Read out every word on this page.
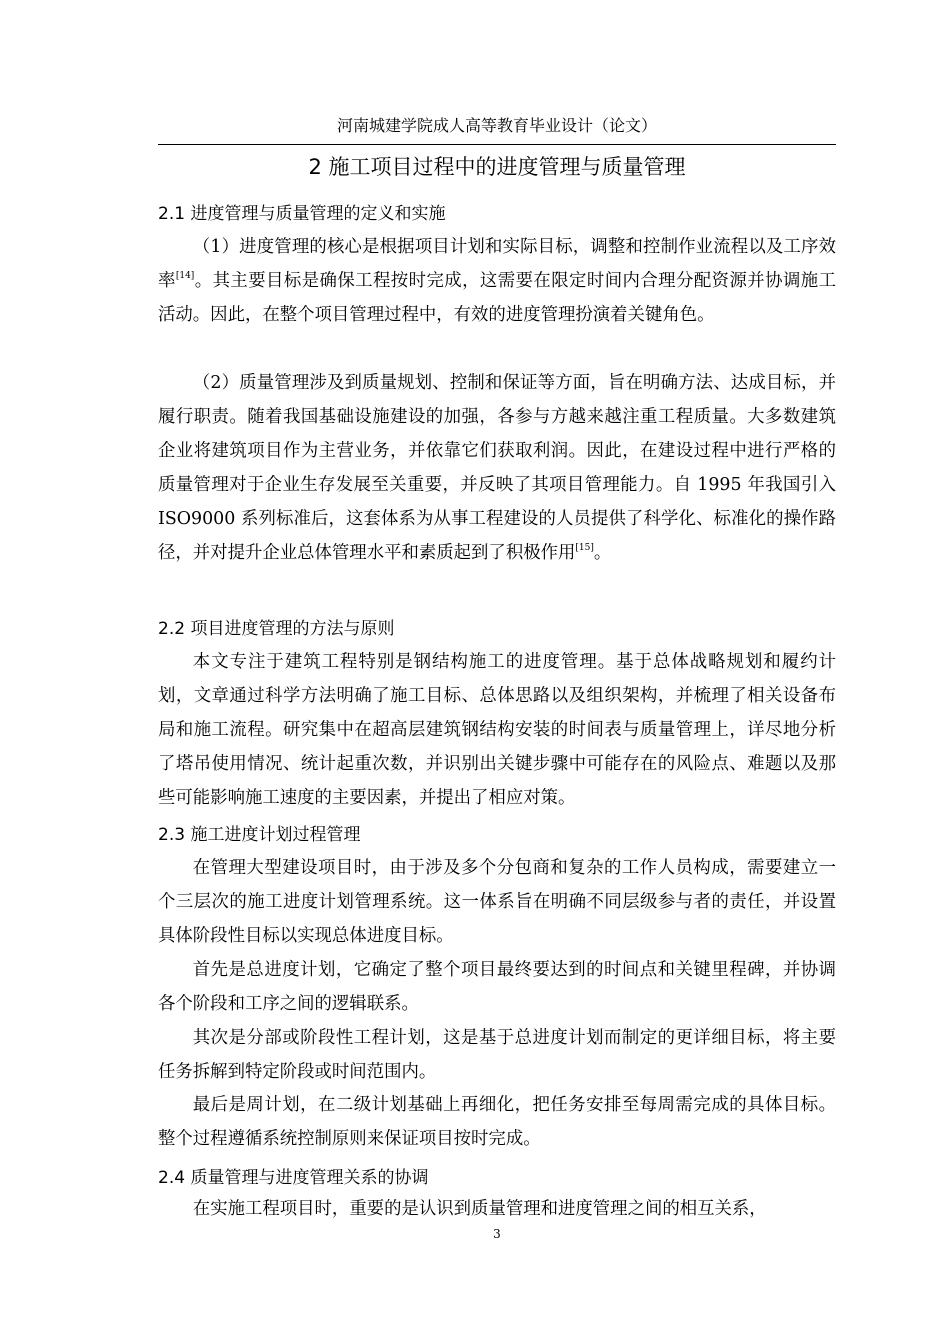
河南城建学院成人高等教育毕业设计（论文）
2 施工项目过程中的进度管理与质量管理
2.1 进度管理与质量管理的定义和实施

（1）进度管理的核心是根据项目计划和实际目标，调整和控制作业流程以及工序效率[14]。其主要目标是确保工程按时完成，这需要在限定时间内合理分配资源并协调施工活动。因此，在整个项目管理过程中，有效的进度管理扮演着关键角色。

（2）质量管理涉及到质量规划、控制和保证等方面，旨在明确方法、达成目标，并履行职责。随着我国基础设施建设的加强，各参与方越来越注重工程质量。大多数建筑企业将建筑项目作为主营业务，并依靠它们获取利润。因此，在建设过程中进行严格的质量管理对于企业生存发展至关重要，并反映了其项目管理能力。自 1995 年我国引入 ISO9000 系列标准后，这套体系为从事工程建设的人员提供了科学化、标准化的操作路径，并对提升企业总体管理水平和素质起到了积极作用[15]。

2.2 项目进度管理的方法与原则

本文专注于建筑工程特别是钢结构施工的进度管理。基于总体战略规划和履约计划，文章通过科学方法明确了施工目标、总体思路以及组织架构，并梳理了相关设备布局和施工流程。研究集中在超高层建筑钢结构安装的时间表与质量管理上，详尽地分析了塔吊使用情况、统计起重次数，并识别出关键步骤中可能存在的风险点、难题以及那些可能影响施工速度的主要因素，并提出了相应对策。

2.3 施工进度计划过程管理

在管理大型建设项目时，由于涉及多个分包商和复杂的工作人员构成，需要建立一个三层次的施工进度计划管理系统。这一体系旨在明确不同层级参与者的责任，并设置具体阶段性目标以实现总体进度目标。

首先是总进度计划，它确定了整个项目最终要达到的时间点和关键里程碑，并协调各个阶段和工序之间的逻辑联系。

其次是分部或阶段性工程计划，这是基于总进度计划而制定的更详细目标，将主要任务拆解到特定阶段或时间范围内。

最后是周计划，在二级计划基础上再细化，把任务安排至每周需完成的具体目标。整个过程遵循系统控制原则来保证项目按时完成。

2.4 质量管理与进度管理关系的协调

在实施工程项目时，重要的是认识到质量管理和进度管理之间的相互关系，

3
